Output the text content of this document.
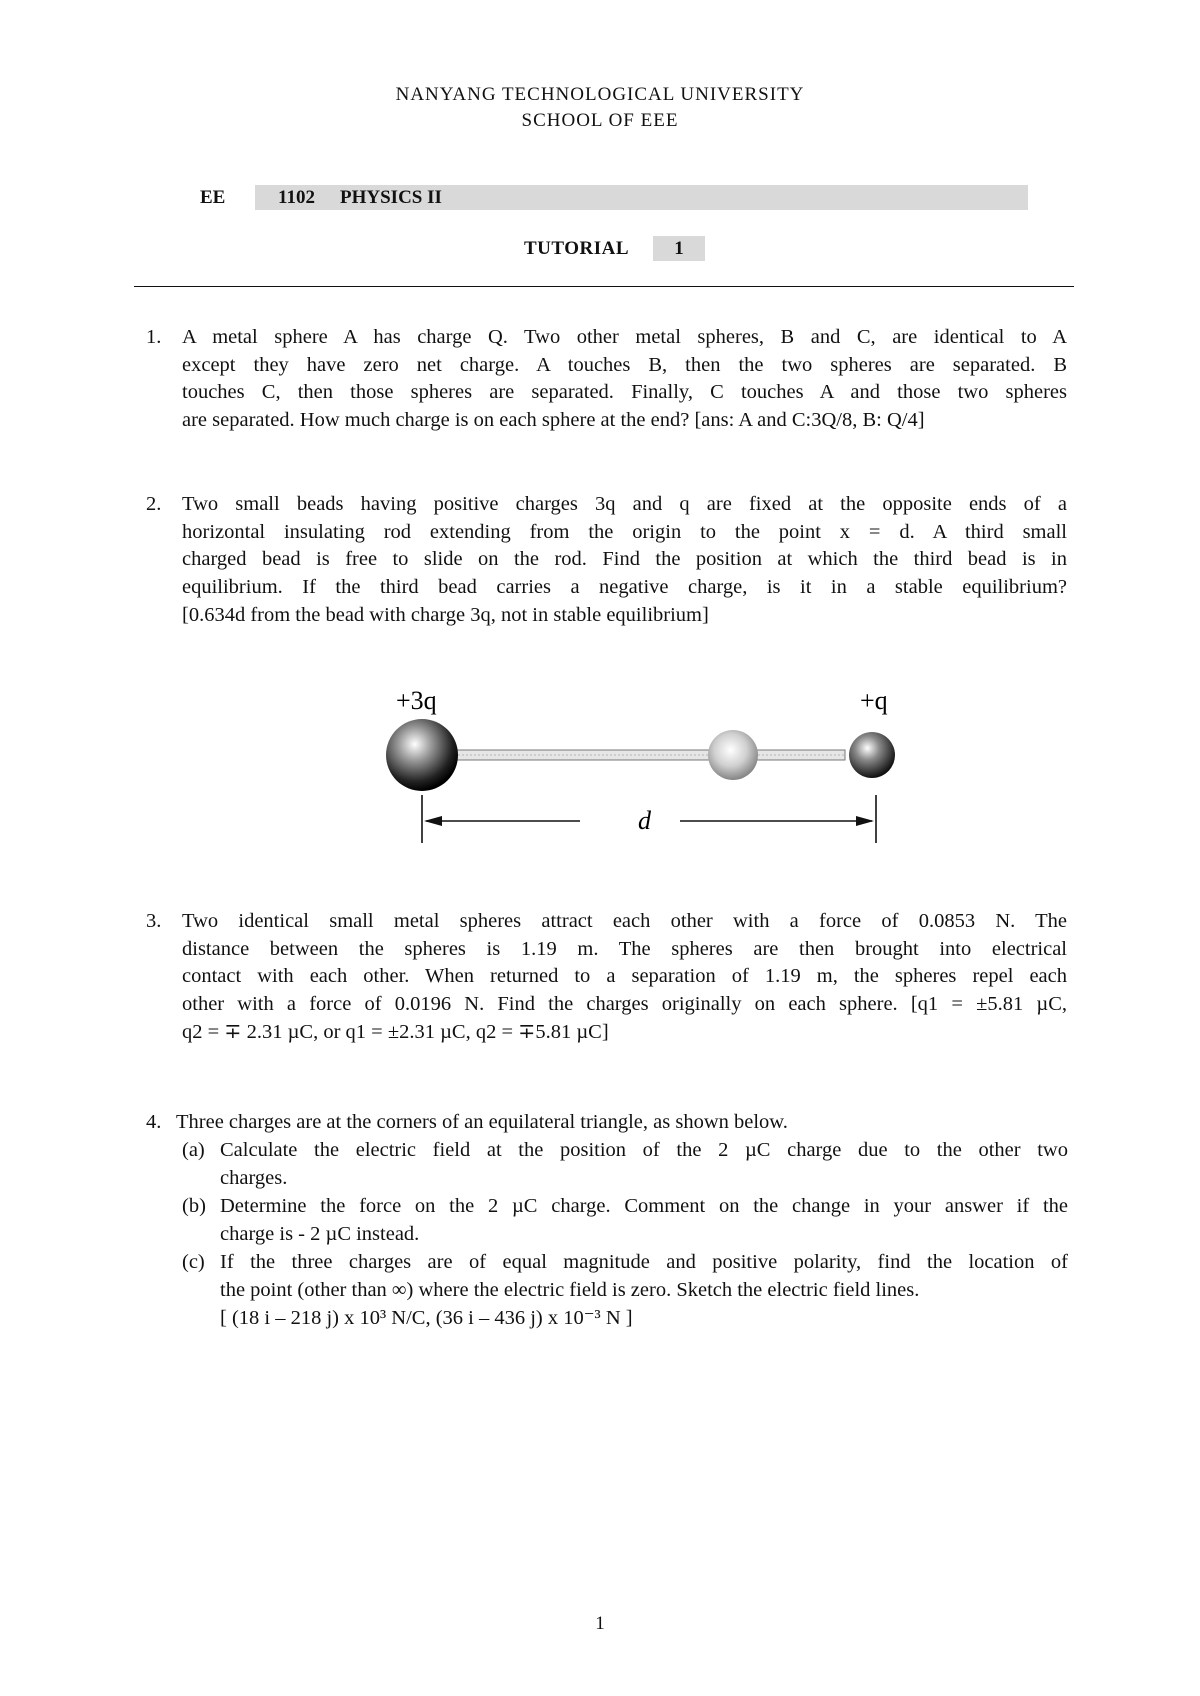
NANYANG TECHNOLOGICAL UNIVERSITY
SCHOOL OF EEE
EE	1102 PHYSICS II
TUTORIAL	1
1.	A metal sphere A has charge Q. Two other metal spheres, B and C, are identical to A
except they have zero net charge. A touches B, then the two spheres are separated. B
touches C, then those spheres are separated. Finally, C touches A and those two spheres
are separated. How much charge is on each sphere at the end? [ans: A and C:3Q/8, B: Q/4]
2.	Two small beads having positive charges 3q and q are fixed at the opposite ends of a
horizontal insulating rod extending from the origin to the point x = d. A third small
charged bead is free to slide on the rod. Find the position at which the third bead is in
equilibrium. If the third bead carries a negative charge, is it in a stable equilibrium?
[0.634d from the bead with charge 3q, not in stable equilibrium]
+3q	+q
d
3.	Two identical small metal spheres attract each other with a force of 0.0853 N. The
distance between the spheres is 1.19 m. The spheres are then brought into electrical
contact with each other. When returned to a separation of 1.19 m, the spheres repel each
other with a force of 0.0196 N. Find the charges originally on each sphere. [q1 = ±5.81 µC,
q2 = ∓ 2.31 µC, or q1 = ±2.31 µC, q2 = ∓5.81 µC]
4. Three charges are at the corners of an equilateral triangle, as shown below.
(a) Calculate the electric field at the position of the 2 µC charge due to the other two
charges.
(b) Determine the force on the 2 µC charge. Comment on the change in your answer if the
charge is - 2 µC instead.
(c) If the three charges are of equal magnitude and positive polarity, find the location of
the point (other than ∞) where the electric field is zero. Sketch the electric field lines.
[ (18 i – 218 j) x 10³ N/C, (36 i – 436 j) x 10⁻³ N ]
1
